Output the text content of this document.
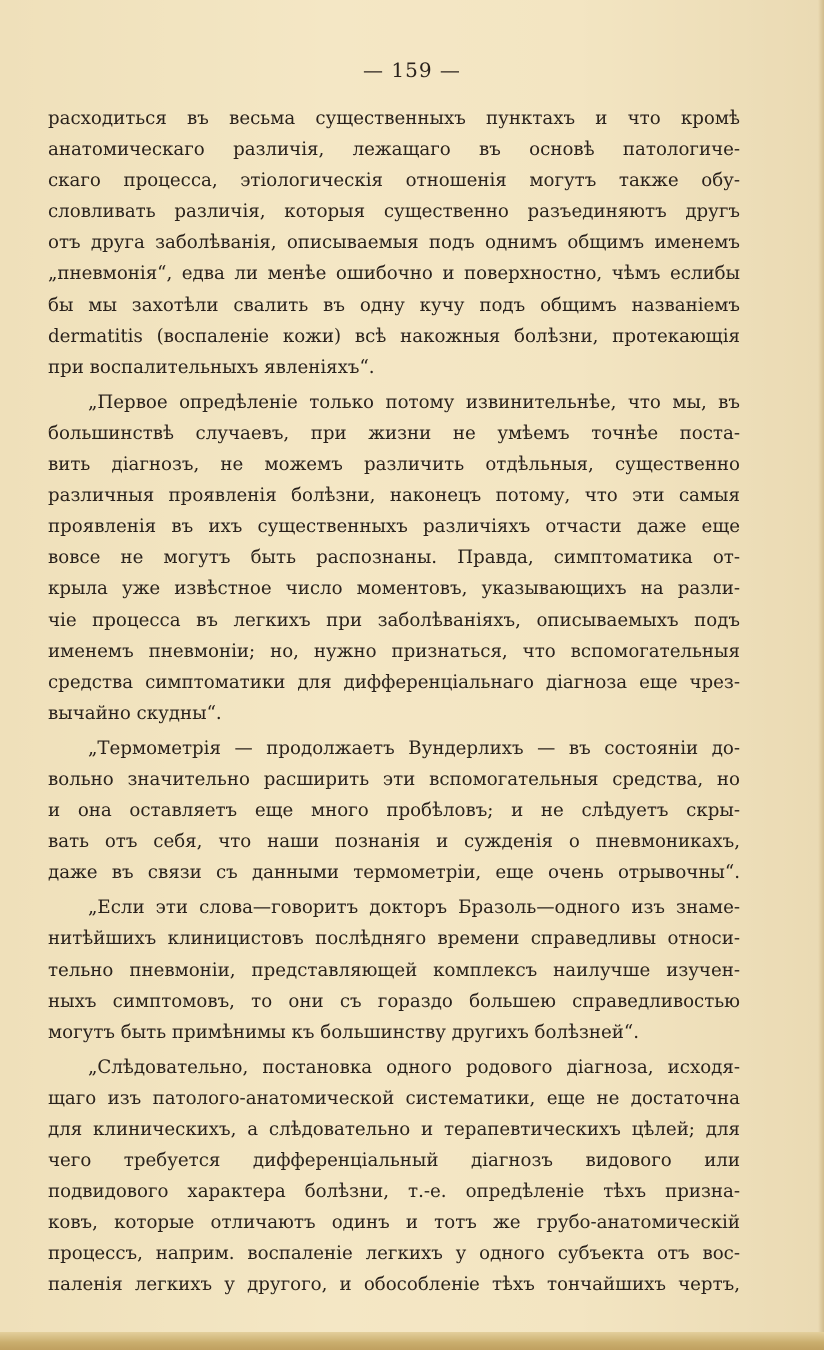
— 159 —
расходиться въ весьма существенныхъ пунктахъ и что кромѣ
анатомическаго различія, лежащаго въ основѣ патологиче-
скаго процесса, этіологическія отношенія могутъ также обу-
словливать различія, которыя существенно разъединяютъ другъ
отъ друга заболѣванія, описываемыя подъ однимъ общимъ именемъ
„пневмонія“, едва ли менѣе ошибочно и поверхностно, чѣмъ еслибы
бы мы захотѣли свалить въ одну кучу подъ общимъ названіемъ
dermatitis (воспаленіе кожи) всѣ накожныя болѣзни, протекающія
при воспалительныхъ явленіяхъ“.
„Первое опредѣленіе только потому извинительнѣе, что мы, въ
большинствѣ случаевъ, при жизни не умѣемъ точнѣе поста-
вить діагнозъ, не можемъ различить отдѣльныя, существенно
различныя проявленія болѣзни, наконецъ потому, что эти самыя
проявленія въ ихъ существенныхъ различіяхъ отчасти даже еще
вовсе не могутъ быть распознаны. Правда, симптоматика от-
крыла уже извѣстное число моментовъ, указывающихъ на разли-
чіе процесса въ легкихъ при заболѣваніяхъ, описываемыхъ подъ
именемъ пневмоніи; но, нужно признаться, что вспомогательныя
средства симптоматики для дифференціальнаго діагноза еще чрез-
вычайно скудны“.
„Термометрія — продолжаетъ Вундерлихъ — въ состояніи до-
вольно значительно расширить эти вспомогательныя средства, но
и она оставляетъ еще много пробѣловъ; и не слѣдуетъ скры-
вать отъ себя, что наши познанія и сужденія о пневмоникахъ,
даже въ связи съ данными термометріи, еще очень отрывочны“.
„Если эти слова—говоритъ докторъ Бразоль—одного изъ знаме-
нитѣйшихъ клиницистовъ послѣдняго времени справедливы относи-
тельно пневмоніи, представляющей комплексъ наилучше изучен-
ныхъ симптомовъ, то они съ гораздо большею справедливостью
могутъ быть примѣнимы къ большинству другихъ болѣзней“.
„Слѣдовательно, постановка одного родового діагноза, исходя-
щаго изъ патолого-анатомической систематики, еще не достаточна
для клиническихъ, а слѣдовательно и терапевтическихъ цѣлей; для
чего требуется дифференціальный діагнозъ видового или
подвидового характера болѣзни, т.-е. опредѣленіе тѣхъ призна-
ковъ, которые отличаютъ одинъ и тотъ же грубо-анатомическій
процессъ, наприм. воспаленіе легкихъ у одного субъекта отъ вос-
паленія легкихъ у другого, и обособленіе тѣхъ тончайшихъ чертъ,
